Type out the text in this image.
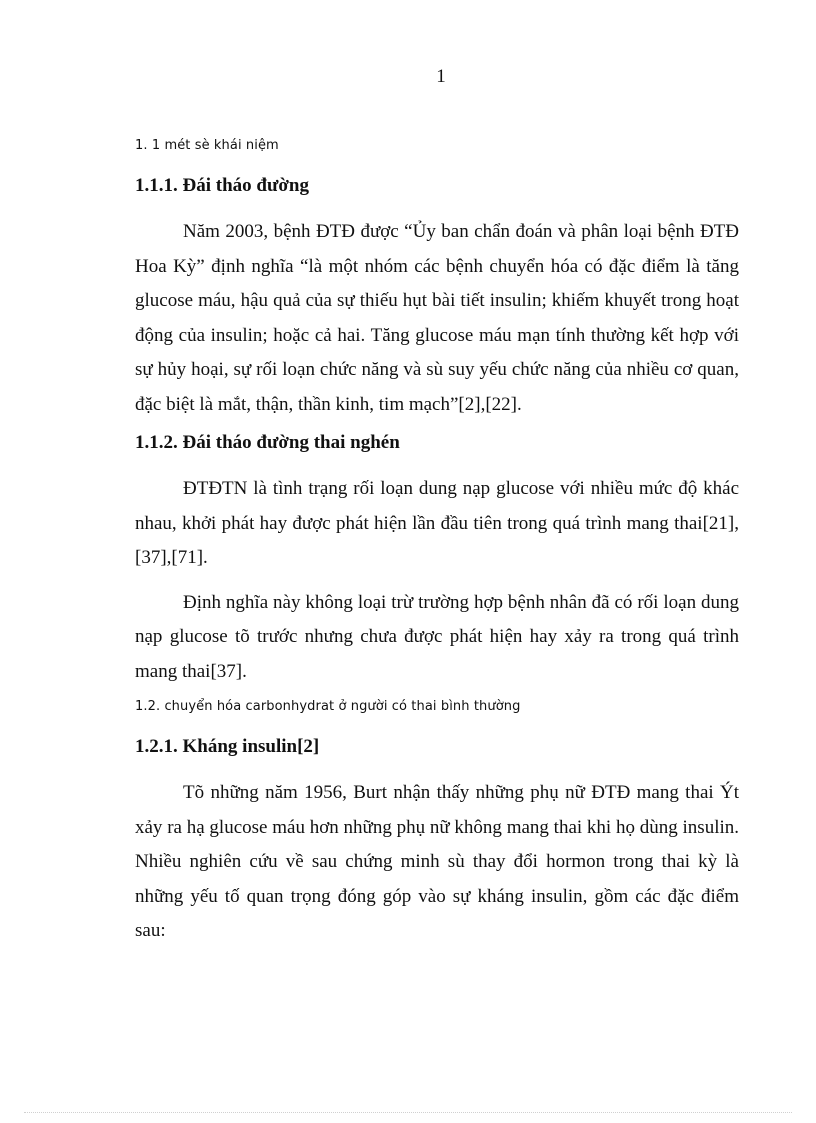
1
1. 1 mét sè khái niệm
1.1.1. Đái tháo đường

Năm 2003, bệnh ĐTĐ được “Ủy ban chẩn đoán và phân loại bệnh ĐTĐ Hoa Kỳ” định nghĩa “là một nhóm các bệnh chuyển hóa có đặc điểm là tăng glucose máu, hậu quả của sự thiếu hụt bài tiết insulin; khiếm khuyết trong hoạt động của insulin; hoặc cả hai. Tăng glucose máu mạn tính thường kết hợp với sự hủy hoại, sự rối loạn chức năng và sù suy yếu chức năng của nhiều cơ quan, đặc biệt là mắt, thận, thần kinh, tim mạch”[2],[22].

1.1.2. Đái tháo đường thai nghén

ĐTĐTN là tình trạng rối loạn dung nạp glucose với nhiều mức độ khác nhau, khởi phát hay được phát hiện lần đầu tiên trong quá trình mang thai[21],[37],[71].

Định nghĩa này không loại trừ trường hợp bệnh nhân đã có rối loạn dung nạp glucose tõ trước nhưng chưa được phát hiện hay xảy ra trong quá trình mang thai[37].

1.2. chuyển hóa carbonhydrat ở người có thai bình thường
1.2.1. Kháng insulin[2]

Tõ những năm 1956, Burt nhận thấy những phụ nữ ĐTĐ mang thai Ýt xảy ra hạ glucose máu hơn những phụ nữ không mang thai khi họ dùng insulin. Nhiều nghiên cứu về sau chứng minh sù thay đổi hormon trong thai kỳ là những yếu tố quan trọng đóng góp vào sự kháng insulin, gồm các đặc điểm sau:
